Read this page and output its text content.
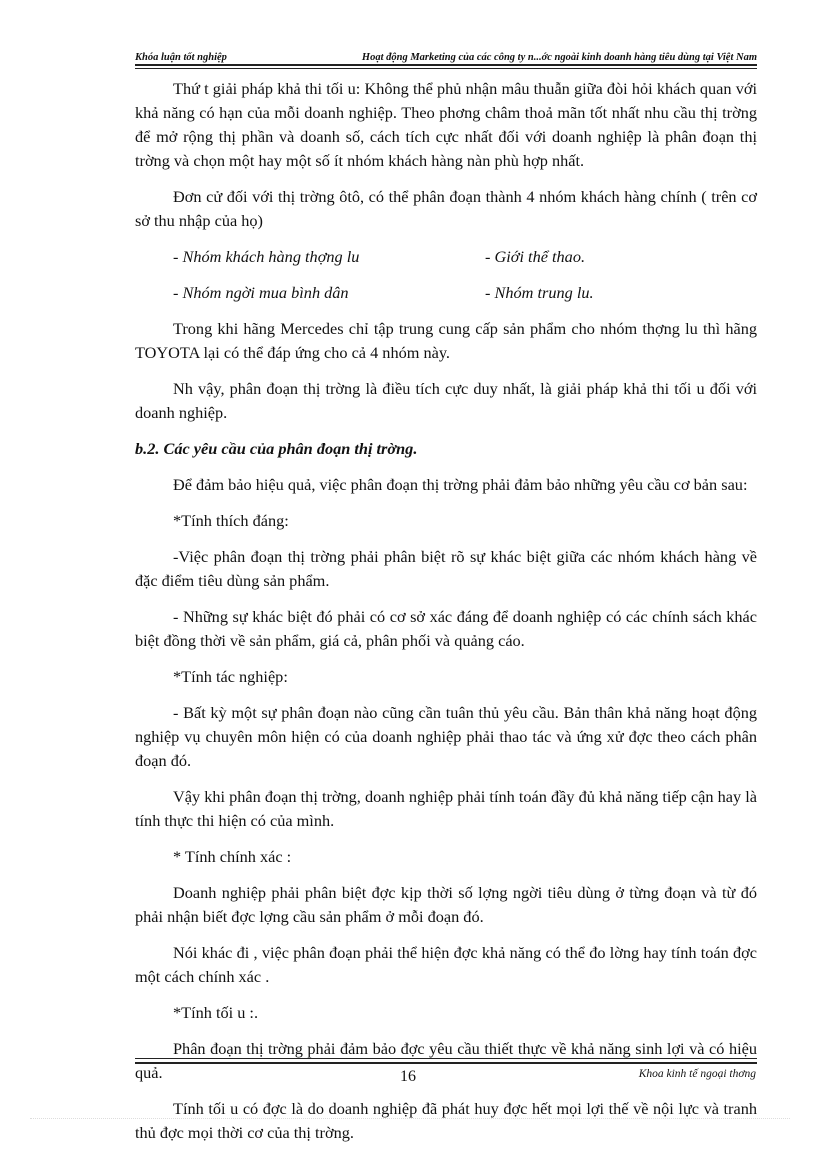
Khóa luận tốt nghiệp	Hoạt động Marketing của các công ty n...ớc ngoài kinh doanh hàng tiêu dùng tại Việt Nam

Thứ t giải pháp khả thi tối u: Không thể phủ nhận mâu thuẫn giữa đòi hỏi khách quan với khả năng có hạn của mỗi doanh nghiệp. Theo phơng châm thoả mãn tốt nhất nhu cầu thị trờng để mở rộng thị phần và doanh số, cách tích cực nhất đối với doanh nghiệp là phân đoạn thị trờng và chọn một hay một số ít nhóm khách hàng nàn phù hợp nhất.

Đơn cử đối với thị trờng ôtô, có thể phân đoạn thành 4 nhóm khách hàng chính ( trên cơ sở thu nhập của họ)

- Nhóm khách hàng thợng lu	- Giới thể thao.
- Nhóm ngời mua bình dân	- Nhóm trung lu.

Trong khi hãng Mercedes chỉ tập trung cung cấp sản phẩm cho nhóm thợng lu thì hãng TOYOTA lại có thể đáp ứng cho cả 4 nhóm này.

Nh vậy, phân đoạn thị trờng là điều tích cực duy nhất, là giải pháp khả thi tối u đối với doanh nghiệp.

b.2. Các yêu cầu của phân đoạn thị trờng.

Để đảm bảo hiệu quả, việc phân đoạn thị trờng phải đảm bảo những yêu cầu cơ bản sau:

*Tính thích đáng:

-Việc phân đoạn thị trờng phải phân biệt rõ sự khác biệt giữa các nhóm khách hàng về đặc điểm tiêu dùng sản phẩm.

- Những sự khác biệt đó phải có cơ sở xác đáng để doanh nghiệp có các chính sách khác biệt đồng thời về sản phẩm, giá cả, phân phối và quảng cáo.

*Tính tác nghiệp:

- Bất kỳ một sự phân đoạn nào cũng cần tuân thủ yêu cầu. Bản thân khả năng hoạt động nghiệp vụ chuyên môn hiện có của doanh nghiệp phải thao tác và ứng xử đợc theo cách phân đoạn đó.

Vậy khi phân đoạn thị trờng, doanh nghiệp phải tính toán đầy đủ khả năng tiếp cận hay là tính thực thi hiện có của mình.

* Tính chính xác :

Doanh nghiệp phải phân biệt đợc kịp thời số lợng ngời tiêu dùng ở từng đoạn và từ đó phải nhận biết đợc lợng cầu sản phẩm ở mỗi đoạn đó.

Nói khác đi , việc phân đoạn phải thể hiện đợc khả năng có thể đo lờng hay tính toán đợc một cách chính xác .

*Tính tối u :.

Phân đoạn thị trờng phải đảm bảo đợc yêu cầu thiết thực về khả năng sinh lợi và có hiệu quả.

Tính tối u có đợc là do doanh nghiệp đã phát huy đợc hết mọi lợi thế về nội lực và tranh thủ đợc mọi thời cơ của thị trờng.

16	Khoa kinh tế ngoại thơng
